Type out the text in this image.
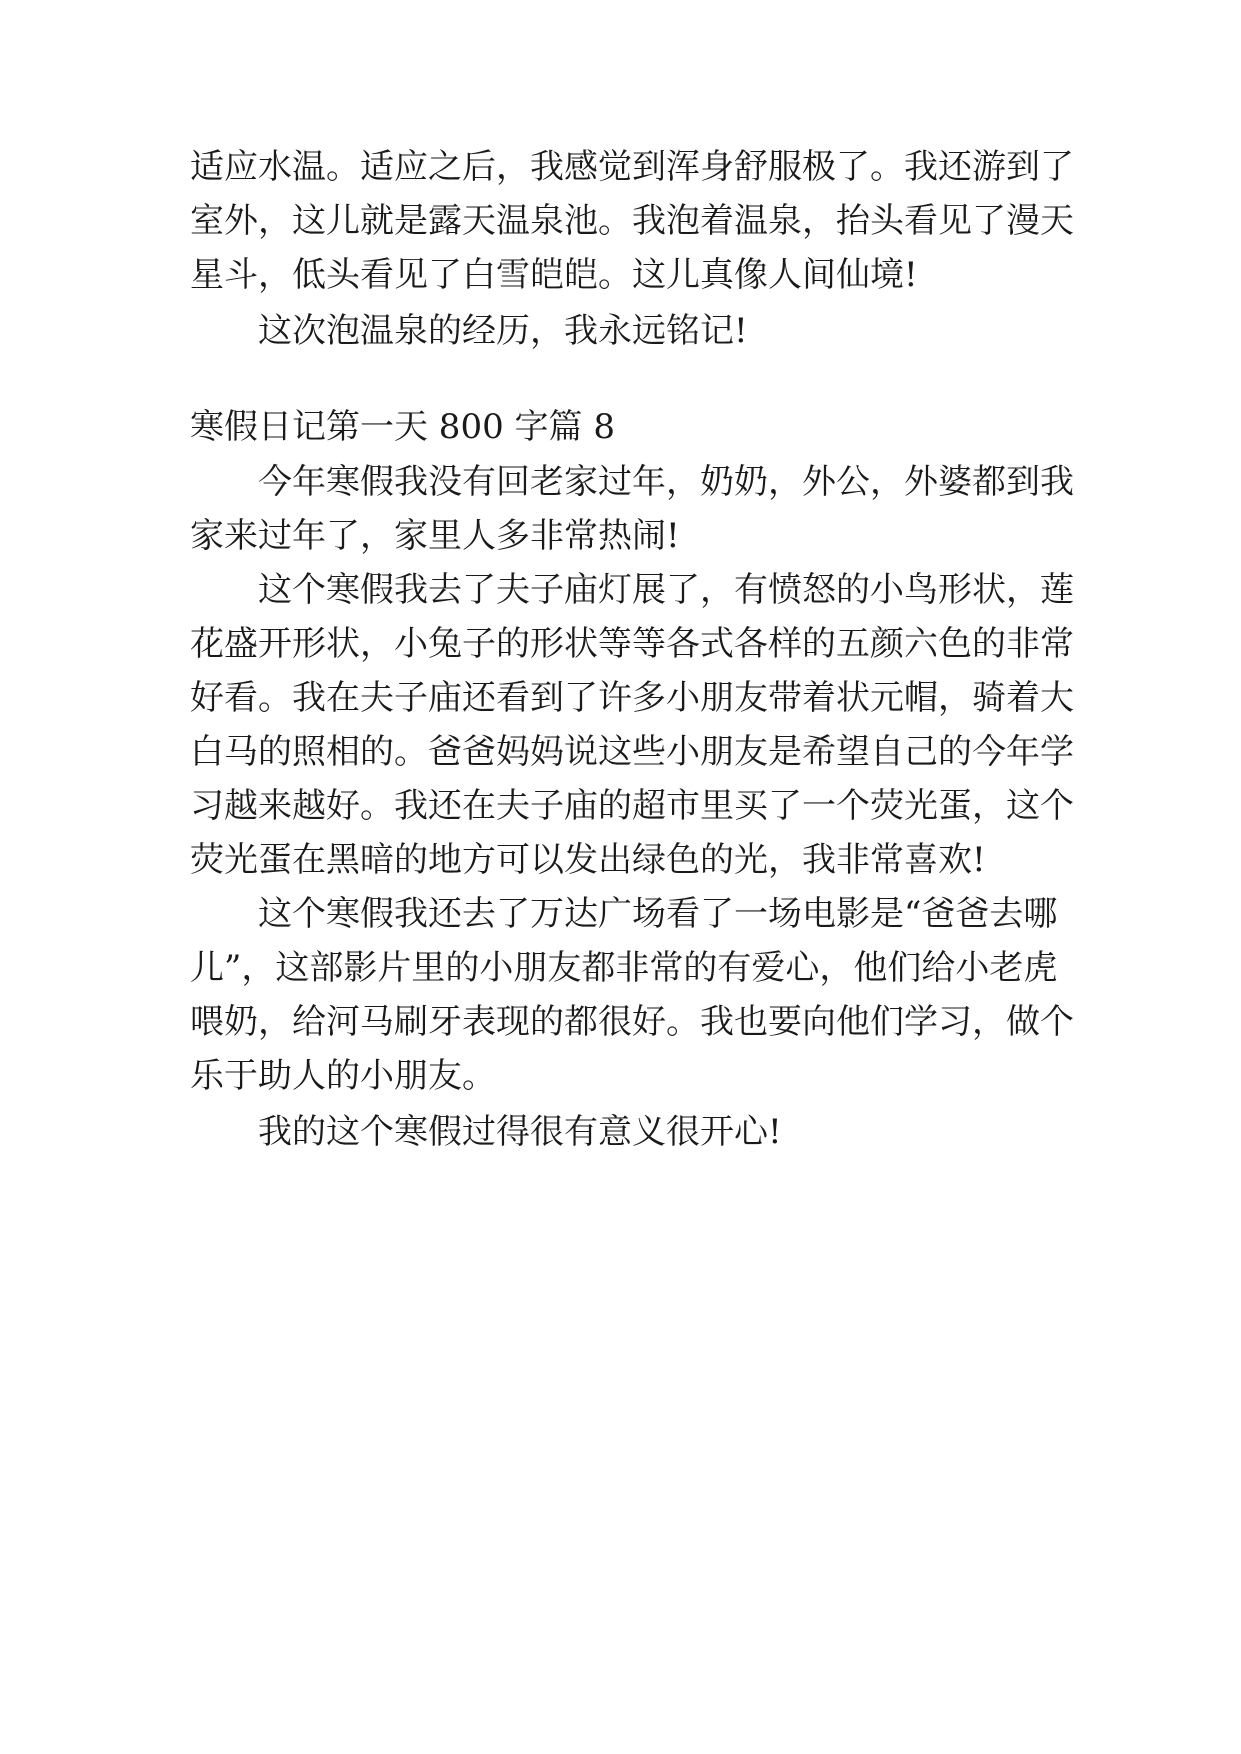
适应水温。适应之后，我感觉到浑身舒服极了。我还游到了
室外，这儿就是露天温泉池。我泡着温泉，抬头看见了漫天
星斗，低头看见了白雪皑皑。这儿真像人间仙境!
这次泡温泉的经历，我永远铭记!
寒假日记第一天 800 字篇 8
今年寒假我没有回老家过年，奶奶，外公，外婆都到我
家来过年了，家里人多非常热闹!
这个寒假我去了夫子庙灯展了，有愤怒的小鸟形状，莲
花盛开形状，小兔子的形状等等各式各样的五颜六色的非常
好看。我在夫子庙还看到了许多小朋友带着状元帽，骑着大
白马的照相的。爸爸妈妈说这些小朋友是希望自己的今年学
习越来越好。我还在夫子庙的超市里买了一个荧光蛋，这个
荧光蛋在黑暗的地方可以发出绿色的光，我非常喜欢!
这个寒假我还去了万达广场看了一场电影是“爸爸去哪
儿”，这部影片里的小朋友都非常的有爱心，他们给小老虎
喂奶，给河马刷牙表现的都很好。我也要向他们学习，做个
乐于助人的小朋友。
我的这个寒假过得很有意义很开心!
